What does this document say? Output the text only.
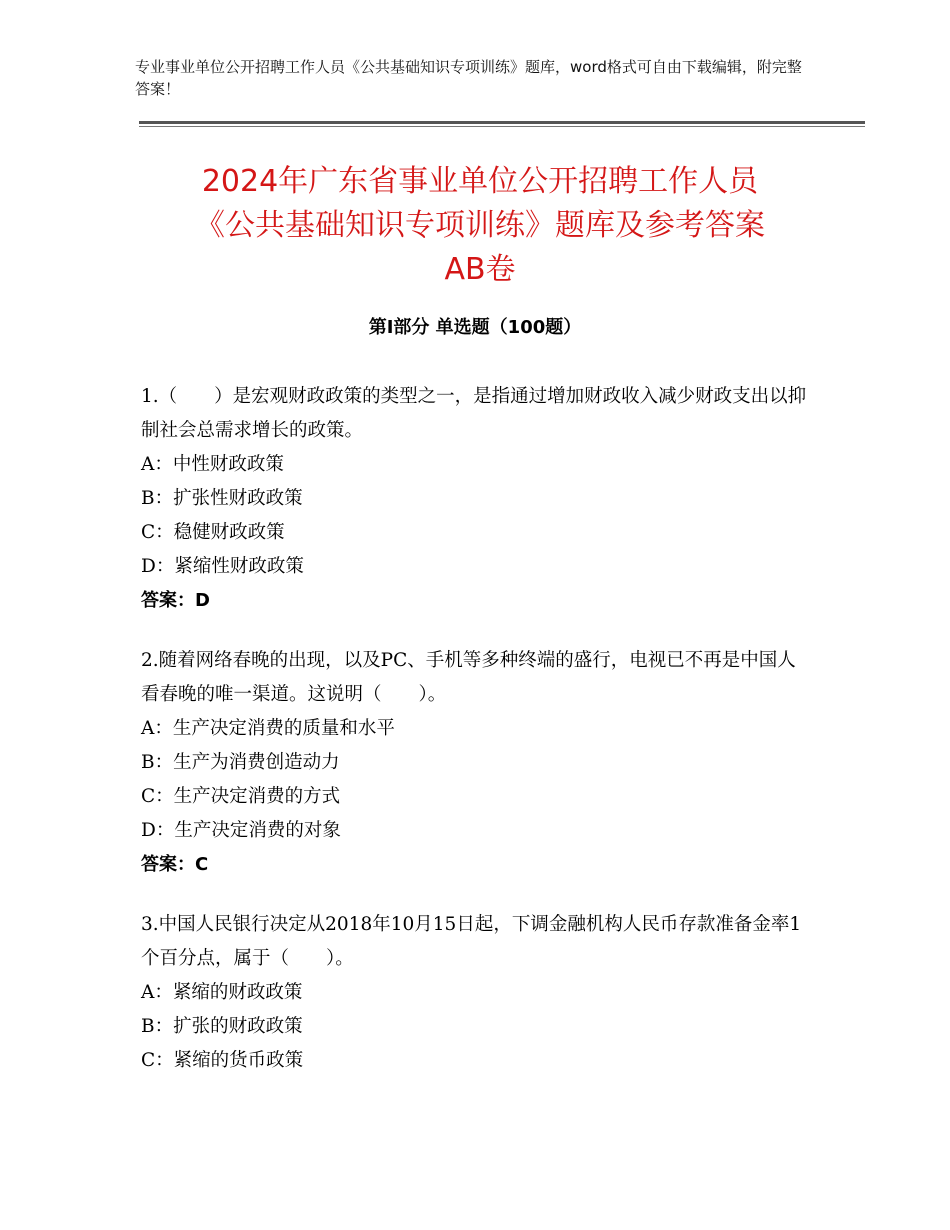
专业事业单位公开招聘工作人员《公共基础知识专项训练》题库，word格式可自由下载编辑，附完整答案！
2024年广东省事业单位公开招聘工作人员
《公共基础知识专项训练》题库及参考答案
AB卷
第Ⅰ部分 单选题（100题）

1.（　　）是宏观财政政策的类型之一，是指通过增加财政收入减少财政支出以抑制社会总需求增长的政策。

A：中性财政政策

B：扩张性财政政策

C：稳健财政政策

D：紧缩性财政政策

答案：D

2.随着网络春晚的出现，以及PC、手机等多种终端的盛行，电视已不再是中国人看春晚的唯一渠道。这说明（　　）。

A：生产决定消费的质量和水平

B：生产为消费创造动力

C：生产决定消费的方式

D：生产决定消费的对象

答案：C

3.中国人民银行决定从2018年10月15日起，下调金融机构人民币存款准备金率1个百分点，属于（　　）。

A：紧缩的财政政策

B：扩张的财政政策

C：紧缩的货币政策
